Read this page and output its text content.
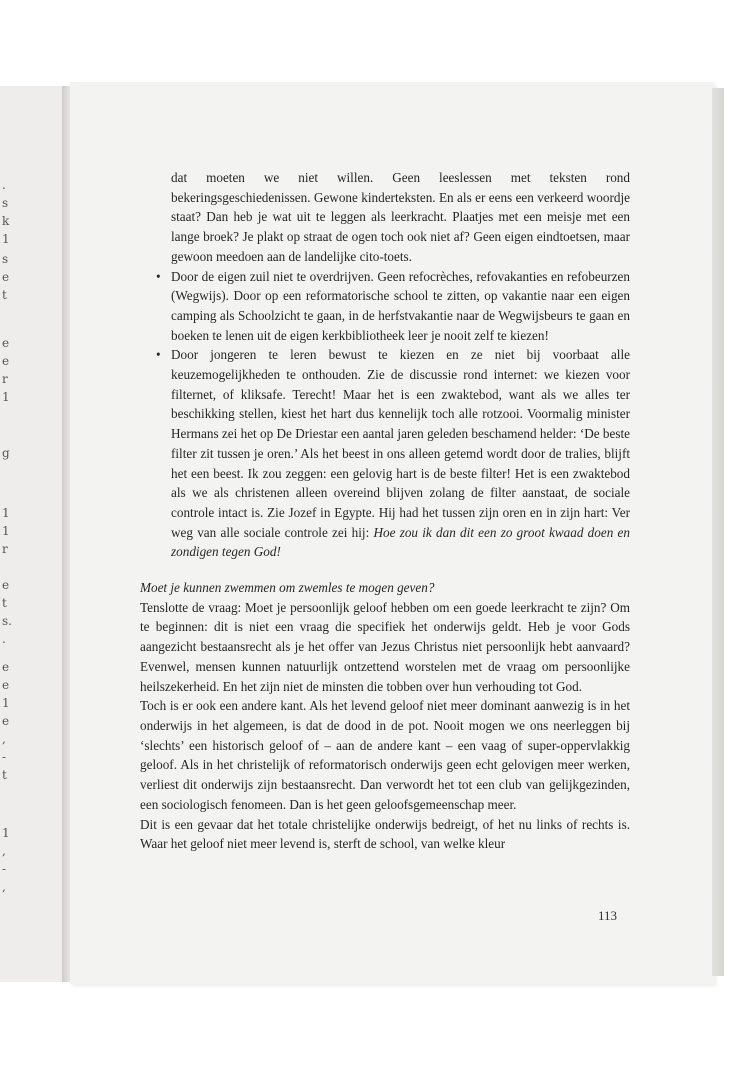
.
s
k
1
s
e
t
e
e
r
1
g
1
1
r
e
t
s.
.
e
e
1
e
,
-
t
1
,
-
,

dat moeten we niet willen. Geen leeslessen met teksten rond bekeringsgeschiedenissen. Gewone kinderteksten. En als er eens een verkeerd woordje staat? Dan heb je wat uit te leggen als leerkracht. Plaatjes met een meisje met een lange broek? Je plakt op straat de ogen toch ook niet af? Geen eigen eindtoetsen, maar gewoon meedoen aan de landelijke cito-toets.

• Door de eigen zuil niet te overdrijven. Geen refocrèches, refovakanties en refobeurzen (Wegwijs). Door op een reformatorische school te zitten, op vakantie naar een eigen camping als Schoolzicht te gaan, in de herfstvakantie naar de Wegwijsbeurs te gaan en boeken te lenen uit de eigen kerkbibliotheek leer je nooit zelf te kiezen!

• Door jongeren te leren bewust te kiezen en ze niet bij voorbaat alle keuzemogelijkheden te onthouden. Zie de discussie rond internet: we kiezen voor filternet, of kliksafe. Terecht! Maar het is een zwaktebod, want als we alles ter beschikking stellen, kiest het hart dus kennelijk toch alle rotzooi. Voormalig minister Hermans zei het op De Driestar een aantal jaren geleden beschamend helder: ‘De beste filter zit tussen je oren.’ Als het beest in ons alleen getemd wordt door de tralies, blijft het een beest. Ik zou zeggen: een gelovig hart is de beste filter! Het is een zwaktebod als we als christenen alleen overeind blijven zolang de filter aanstaat, de sociale controle intact is. Zie Jozef in Egypte. Hij had het tussen zijn oren en in zijn hart: Ver weg van alle sociale controle zei hij: Hoe zou ik dan dit een zo groot kwaad doen en zondigen tegen God!

Moet je kunnen zwemmen om zwemles te mogen geven?

Tenslotte de vraag: Moet je persoonlijk geloof hebben om een goede leerkracht te zijn? Om te beginnen: dit is niet een vraag die specifiek het onderwijs geldt. Heb je voor Gods aangezicht bestaansrecht als je het offer van Jezus Christus niet persoonlijk hebt aanvaard? Evenwel, mensen kunnen natuurlijk ontzettend worstelen met de vraag om persoonlijke heilszekerheid. En het zijn niet de minsten die tobben over hun verhouding tot God.

Toch is er ook een andere kant. Als het levend geloof niet meer dominant aanwezig is in het onderwijs in het algemeen, is dat de dood in de pot. Nooit mogen we ons neerleggen bij ‘slechts’ een historisch geloof of – aan de andere kant – een vaag of super-oppervlakkig geloof. Als in het christelijk of reformatorisch onderwijs geen echt gelovigen meer werken, verliest dit onderwijs zijn bestaansrecht. Dan verwordt het tot een club van gelijkgezinden, een sociologisch fenomeen. Dan is het geen geloofsgemeenschap meer.

Dit is een gevaar dat het totale christelijke onderwijs bedreigt, of het nu links of rechts is. Waar het geloof niet meer levend is, sterft de school, van welke kleur

113
